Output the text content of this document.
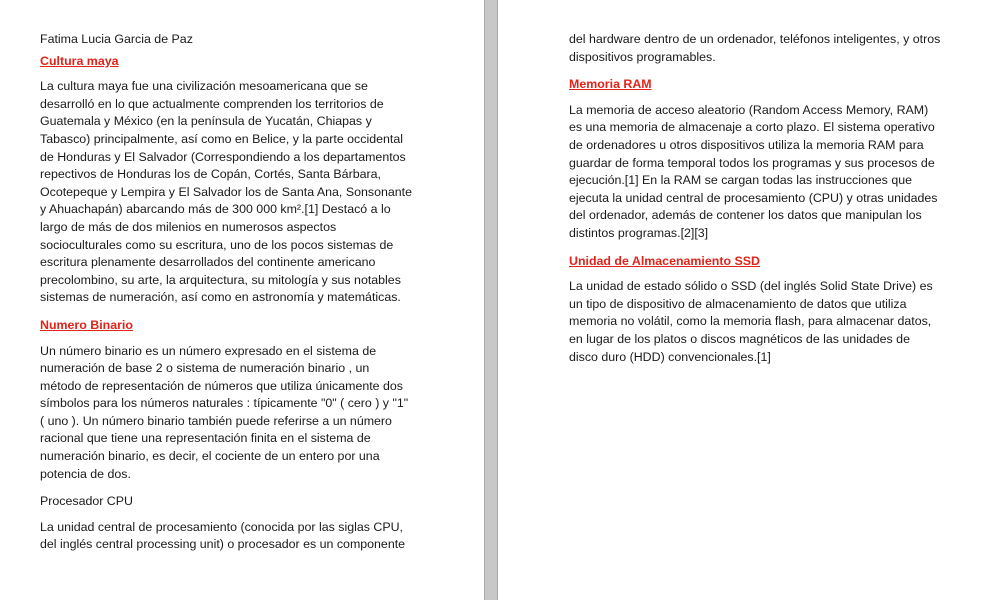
Fatima Lucia Garcia de Paz

Cultura maya

La cultura maya fue una civilización mesoamericana que se desarrolló en lo que actualmente comprenden los territorios de Guatemala y México (en la península de Yucatán, Chiapas y Tabasco) principalmente, así como en Belice, y la parte occidental de Honduras y El Salvador (Correspondiendo a los departamentos repectivos de Honduras los de Copán, Cortés, Santa Bárbara, Ocotepeque y Lempira y El Salvador los de Santa Ana, Sonsonante y Ahuachapán) abarcando más de 300 000 km².[1] Destacó a lo largo de más de dos milenios en numerosos aspectos socioculturales como su escritura, uno de los pocos sistemas de escritura plenamente desarrollados del continente americano precolombino, su arte, la arquitectura, su mitología y sus notables sistemas de numeración, así como en astronomía y matemáticas.

Numero Binario

Un número binario es un número expresado en el sistema de numeración de base 2 o sistema de numeración binario , un método de representación de números que utiliza únicamente dos símbolos para los números naturales : típicamente "0" ( cero ) y "1" ( uno ). Un número binario también puede referirse a un número racional que tiene una representación finita en el sistema de numeración binario, es decir, el cociente de un entero por una potencia de dos.

Procesador CPU

La unidad central de procesamiento (conocida por las siglas CPU, del inglés central processing unit) o procesador es un componente

del hardware dentro de un ordenador, teléfonos inteligentes, y otros dispositivos programables.

Memoria RAM

La memoria de acceso aleatorio (Random Access Memory, RAM) es una memoria de almacenaje a corto plazo. El sistema operativo de ordenadores u otros dispositivos utiliza la memoria RAM para guardar de forma temporal todos los programas y sus procesos de ejecución.[1] En la RAM se cargan todas las instrucciones que ejecuta la unidad central de procesamiento (CPU) y otras unidades del ordenador, además de contener los datos que manipulan los distintos programas.[2][3]

Unidad de Almacenamiento SSD

La unidad de estado sólido o SSD (del inglés Solid State Drive) es un tipo de dispositivo de almacenamiento de datos que utiliza memoria no volátil, como la memoria flash, para almacenar datos, en lugar de los platos o discos magnéticos de las unidades de disco duro (HDD) convencionales.[1]
